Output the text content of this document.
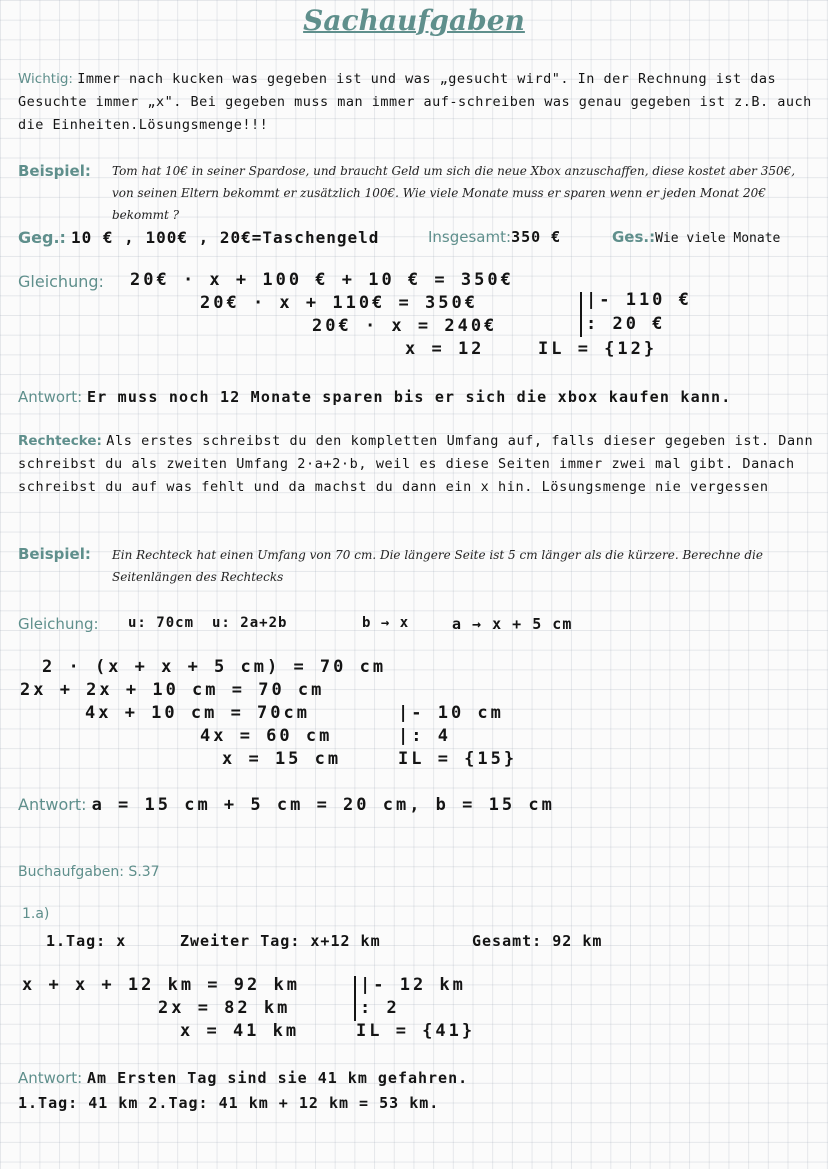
Sachaufgaben
Wichtig: Immer nach kucken was gegeben ist und was „gesucht wird". In der Rechnung ist das Gesuchte immer „x". Bei gegeben muss man immer auf-schreiben was genau gegeben ist z.B. auch die Einheiten.Lösungsmenge!!!
Beispiel: Tom hat 10€ in seiner Spardose, und braucht Geld um sich die neue Xbox anzuschaffen, diese kostet aber 350€, von seinen Eltern bekommt er zusätzlich 100€. Wie viele Monate muss er sparen wenn er jeden Monat 20€ bekommt ?
Geg.: 10 € , 100€ , 20€=Taschengeld	Insgesamt:350 €	Ges.:Wie viele Monate
Gleichung: 20€ · x + 100 € + 10 € = 350€
20€ · x + 110€ = 350€
20€ · x = 240€
x = 12
|- 110 €
: 20 €
IL = {12}
Antwort: Er muss noch 12 Monate sparen bis er sich die xbox kaufen kann.
Rechtecke: Als erstes schreibst du den kompletten Umfang auf, falls dieser gegeben ist. Dann schreibst du als zweiten Umfang 2·a+2·b, weil es diese Seiten immer zwei mal gibt. Danach schreibst du auf was fehlt und da machst du dann ein x hin. Lösungsmenge nie vergessen
Beispiel: Ein Rechteck hat einen Umfang von 70 cm. Die längere Seite ist 5 cm länger als die kürzere. Berechne die Seitenlängen des Rechtecks
Gleichung: u: 70cm u: 2a+2b	b → x	a → x + 5 cm
2 · (x + x + 5 cm) = 70 cm
2x + 2x + 10 cm = 70 cm
4x + 10 cm = 70cm
4x = 60 cm
x = 15 cm
|- 10 cm
|: 4
IL = {15}
Antwort: a = 15 cm + 5 cm = 20 cm, b = 15 cm
Buchaufgaben: S.37
1.a)
1.Tag: x	Zweiter Tag: x+12 km	Gesamt: 92 km
x + x + 12 km = 92 km
2x = 82 km
x = 41 km
|- 12 km
: 2
IL = {41}
Antwort: Am Ersten Tag sind sie 41 km gefahren.
1.Tag: 41 km 2.Tag: 41 km + 12 km = 53 km.
